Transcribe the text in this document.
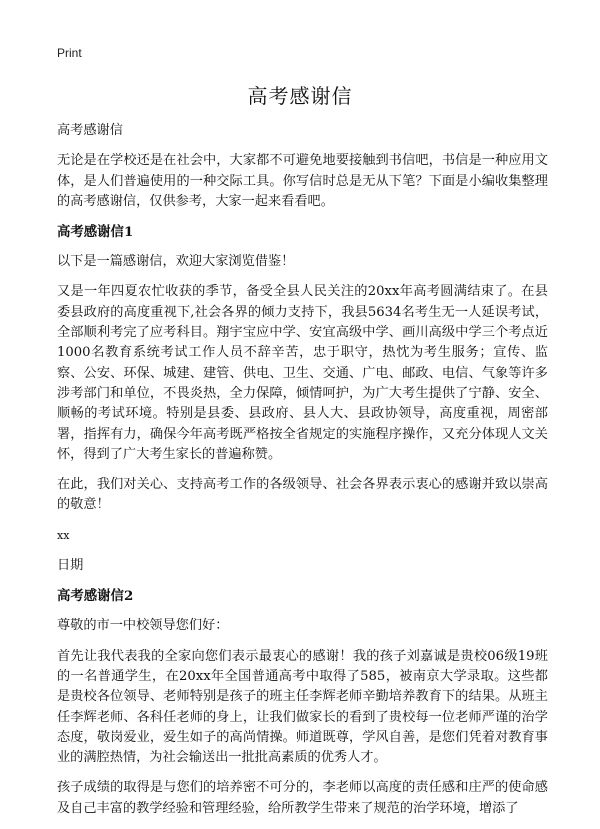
Print
高考感谢信

高考感谢信

无论是在学校还是在社会中，大家都不可避免地要接触到书信吧，书信是一种应用文体，是人们普遍使用的一种交际工具。你写信时总是无从下笔？下面是小编收集整理的高考感谢信，仅供参考，大家一起来看看吧。

高考感谢信1

以下是一篇感谢信，欢迎大家浏览借鉴！

又是一年四夏农忙收获的季节，备受全县人民关注的20xx年高考圆满结束了。在县委县政府的高度重视下,社会各界的倾力支持下，我县5634名考生无一人延误考试，全部顺利考完了应考科目。翔宇宝应中学、安宜高级中学、画川高级中学三个考点近1000名教育系统考试工作人员不辞辛苦，忠于职守，热忱为考生服务；宣传、监察、公安、环保、城建、建管、供电、卫生、交通、广电、邮政、电信、气象等许多涉考部门和单位，不畏炎热，全力保障，倾情呵护，为广大考生提供了宁静、安全、顺畅的考试环境。特别是县委、县政府、县人大、县政协领导，高度重视，周密部署，指挥有力，确保今年高考既严格按全省规定的实施程序操作，又充分体现人文关怀，得到了广大考生家长的普遍称赞。

在此，我们对关心、支持高考工作的各级领导、社会各界表示衷心的感谢并致以崇高的敬意！

xx

日期

高考感谢信2

尊敬的市一中校领导您们好：

首先让我代表我的全家向您们表示最衷心的感谢！我的孩子刘嘉诚是贵校06级19班的一名普通学生，在20xx年全国普通高考中取得了585，被南京大学录取。这些都是贵校各位领导、老师特别是孩子的班主任李辉老师辛勤培养教育下的结果。从班主任李辉老师、各科任老师的身上，让我们做家长的看到了贵校每一位老师严谨的治学态度，敬岗爱业，爱生如子的高尚情操。师道既尊，学风自善，是您们凭着对教育事业的满腔热情，为社会输送出一批批高素质的优秀人才。

孩子成绩的取得是与您们的培养密不可分的，李老师以高度的责任感和庄严的使命感及自己丰富的教学经验和管理经验，给所教学生带来了规范的治学环境，增添了
